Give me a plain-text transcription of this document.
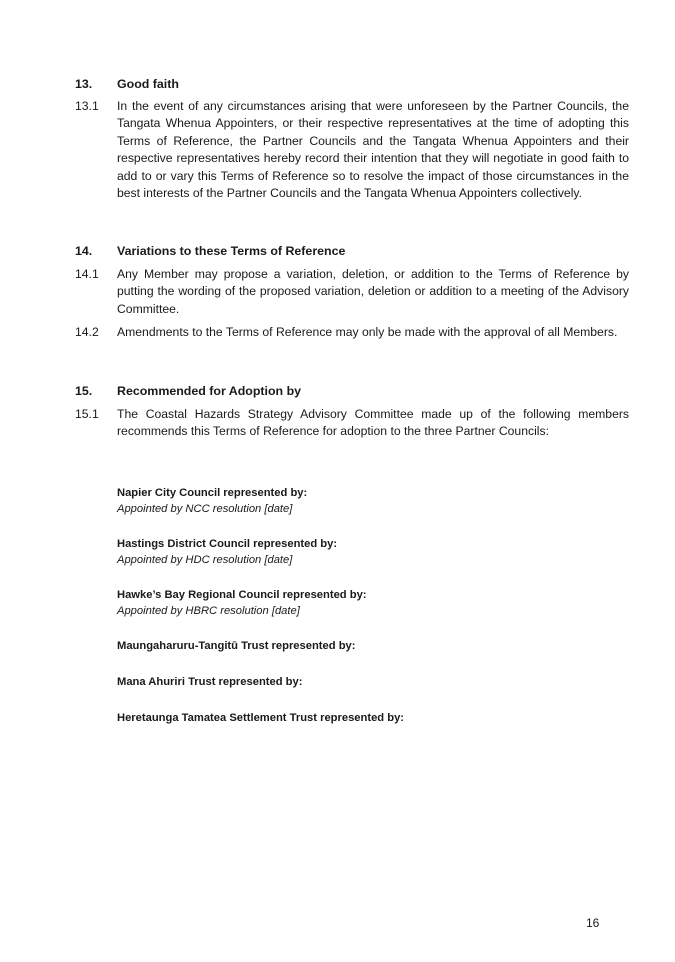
13. Good faith
13.1 In the event of any circumstances arising that were unforeseen by the Partner Councils, the Tangata Whenua Appointers, or their respective representatives at the time of adopting this Terms of Reference, the Partner Councils and the Tangata Whenua Appointers and their respective representatives hereby record their intention that they will negotiate in good faith to add to or vary this Terms of Reference so to resolve the impact of those circumstances in the best interests of the Partner Councils and the Tangata Whenua Appointers collectively.
14. Variations to these Terms of Reference
14.1 Any Member may propose a variation, deletion, or addition to the Terms of Reference by putting the wording of the proposed variation, deletion or addition to a meeting of the Advisory Committee.
14.2 Amendments to the Terms of Reference may only be made with the approval of all Members.
15. Recommended for Adoption by
15.1 The Coastal Hazards Strategy Advisory Committee made up of the following members recommends this Terms of Reference for adoption to the three Partner Councils:
Napier City Council represented by:
Appointed by NCC resolution [date]
Hastings District Council represented by:
Appointed by HDC resolution [date]
Hawke’s Bay Regional Council represented by:
Appointed by HBRC resolution [date]
Maungaharuru-Tangitū Trust represented by:
Mana Ahuriri Trust represented by:
Heretaunga Tamatea Settlement Trust represented by:
16
